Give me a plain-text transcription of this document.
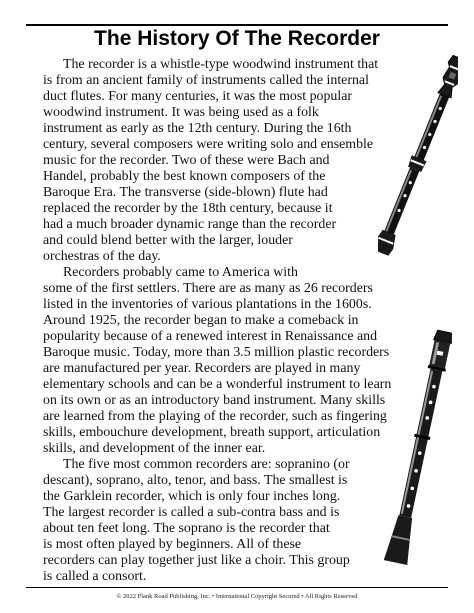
The History Of The Recorder
The recorder is a whistle-type woodwind instrument that
is from an ancient family of instruments called the internal
duct flutes. For many centuries, it was the most popular
woodwind instrument. It was being used as a folk
instrument as early as the 12th century. During the 16th
century, several composers were writing solo and ensemble
music for the recorder. Two of these were Bach and
Handel, probably the best known composers of the
Baroque Era. The transverse (side-blown) flute had
replaced the recorder by the 18th century, because it
had a much broader dynamic range than the recorder
and could blend better with the larger, louder
orchestras of the day.
Recorders probably came to America with
some of the first settlers. There are as many as 26 recorders
listed in the inventories of various plantations in the 1600s.
Around 1925, the recorder began to make a comeback in
popularity because of a renewed interest in Renaissance and
Baroque music. Today, more than 3.5 million plastic recorders
are manufactured per year. Recorders are played in many
elementary schools and can be a wonderful instrument to learn
on its own or as an introductory band instrument. Many skills
are learned from the playing of the recorder, such as fingering
skills, embouchure development, breath support, articulation
skills, and development of the inner ear.
The five most common recorders are: sopranino (or
descant), soprano, alto, tenor, and bass. The smallest is
the Garklein recorder, which is only four inches long.
The largest recorder is called a sub-contra bass and is
about ten feet long. The soprano is the recorder that
is most often played by beginners. All of these
recorders can play together just like a choir. This group
is called a consort.
© 2022 Plank Road Publishing, Inc. • International Copyright Secured • All Rights Reserved
